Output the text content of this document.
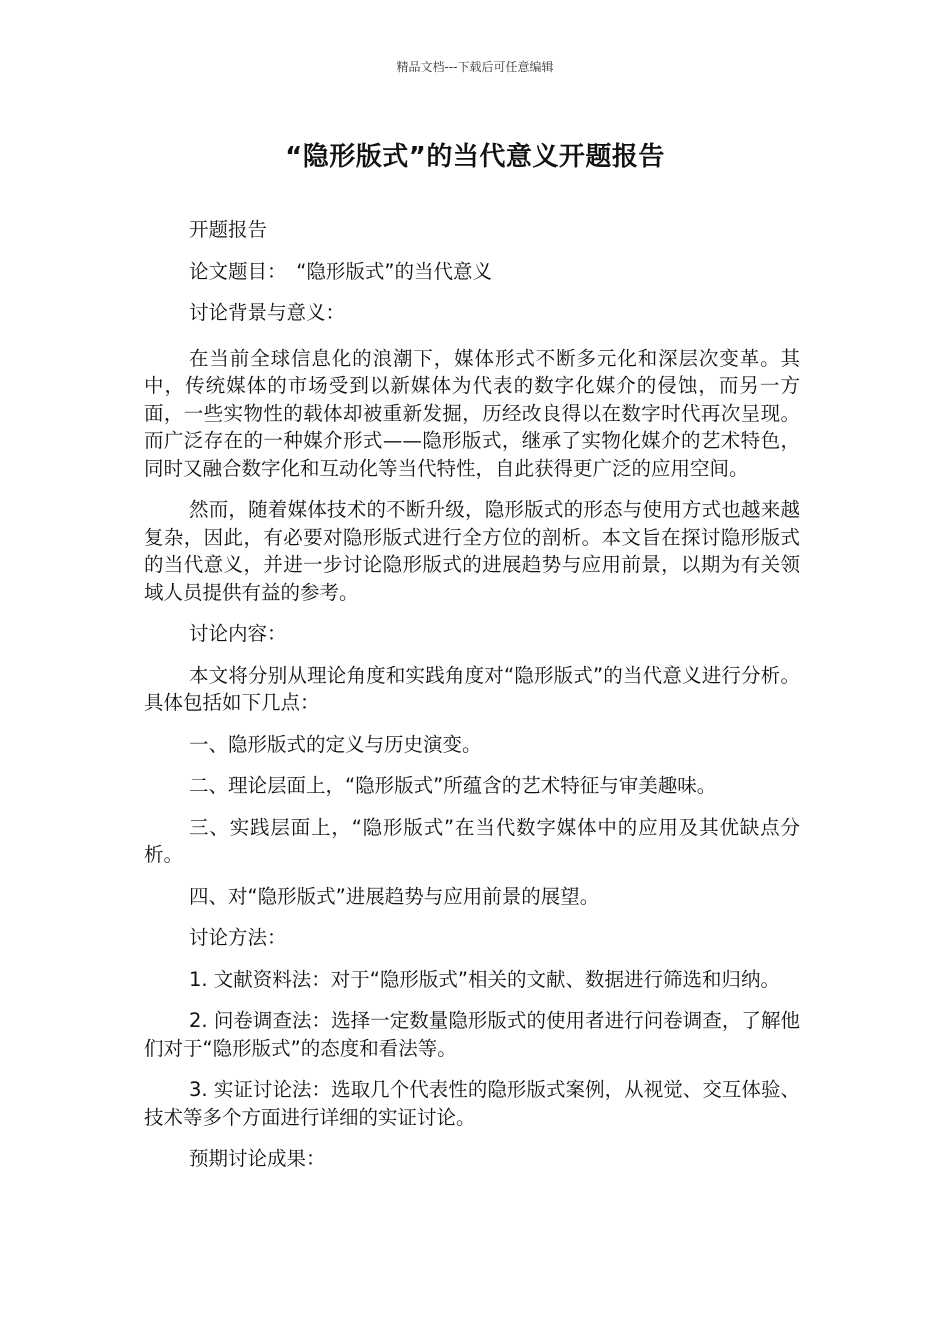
精品文档---下载后可任意编辑
“隐形版式”的当代意义开题报告

开题报告

论文题目：　“隐形版式”的当代意义

讨论背景与意义：

在当前全球信息化的浪潮下，媒体形式不断多元化和深层次变革。其中，传统媒体的市场受到以新媒体为代表的数字化媒介的侵蚀，而另一方面，一些实物性的载体却被重新发掘，历经改良得以在数字时代再次呈现。而广泛存在的一种媒介形式——隐形版式，继承了实物化媒介的艺术特色，同时又融合数字化和互动化等当代特性，自此获得更广泛的应用空间。

然而，随着媒体技术的不断升级，隐形版式的形态与使用方式也越来越复杂，因此，有必要对隐形版式进行全方位的剖析。本文旨在探讨隐形版式的当代意义，并进一步讨论隐形版式的进展趋势与应用前景，以期为有关领域人员提供有益的参考。

讨论内容：

本文将分别从理论角度和实践角度对“隐形版式”的当代意义进行分析。具体包括如下几点：

一、隐形版式的定义与历史演变。

二、理论层面上，“隐形版式”所蕴含的艺术特征与审美趣味。

三、实践层面上，“隐形版式”在当代数字媒体中的应用及其优缺点分析。

四、对“隐形版式”进展趋势与应用前景的展望。

讨论方法：

1. 文献资料法：对于“隐形版式”相关的文献、数据进行筛选和归纳。

2. 问卷调查法：选择一定数量隐形版式的使用者进行问卷调查，了解他们对于“隐形版式”的态度和看法等。

3. 实证讨论法：选取几个代表性的隐形版式案例，从视觉、交互体验、技术等多个方面进行详细的实证讨论。

预期讨论成果：
